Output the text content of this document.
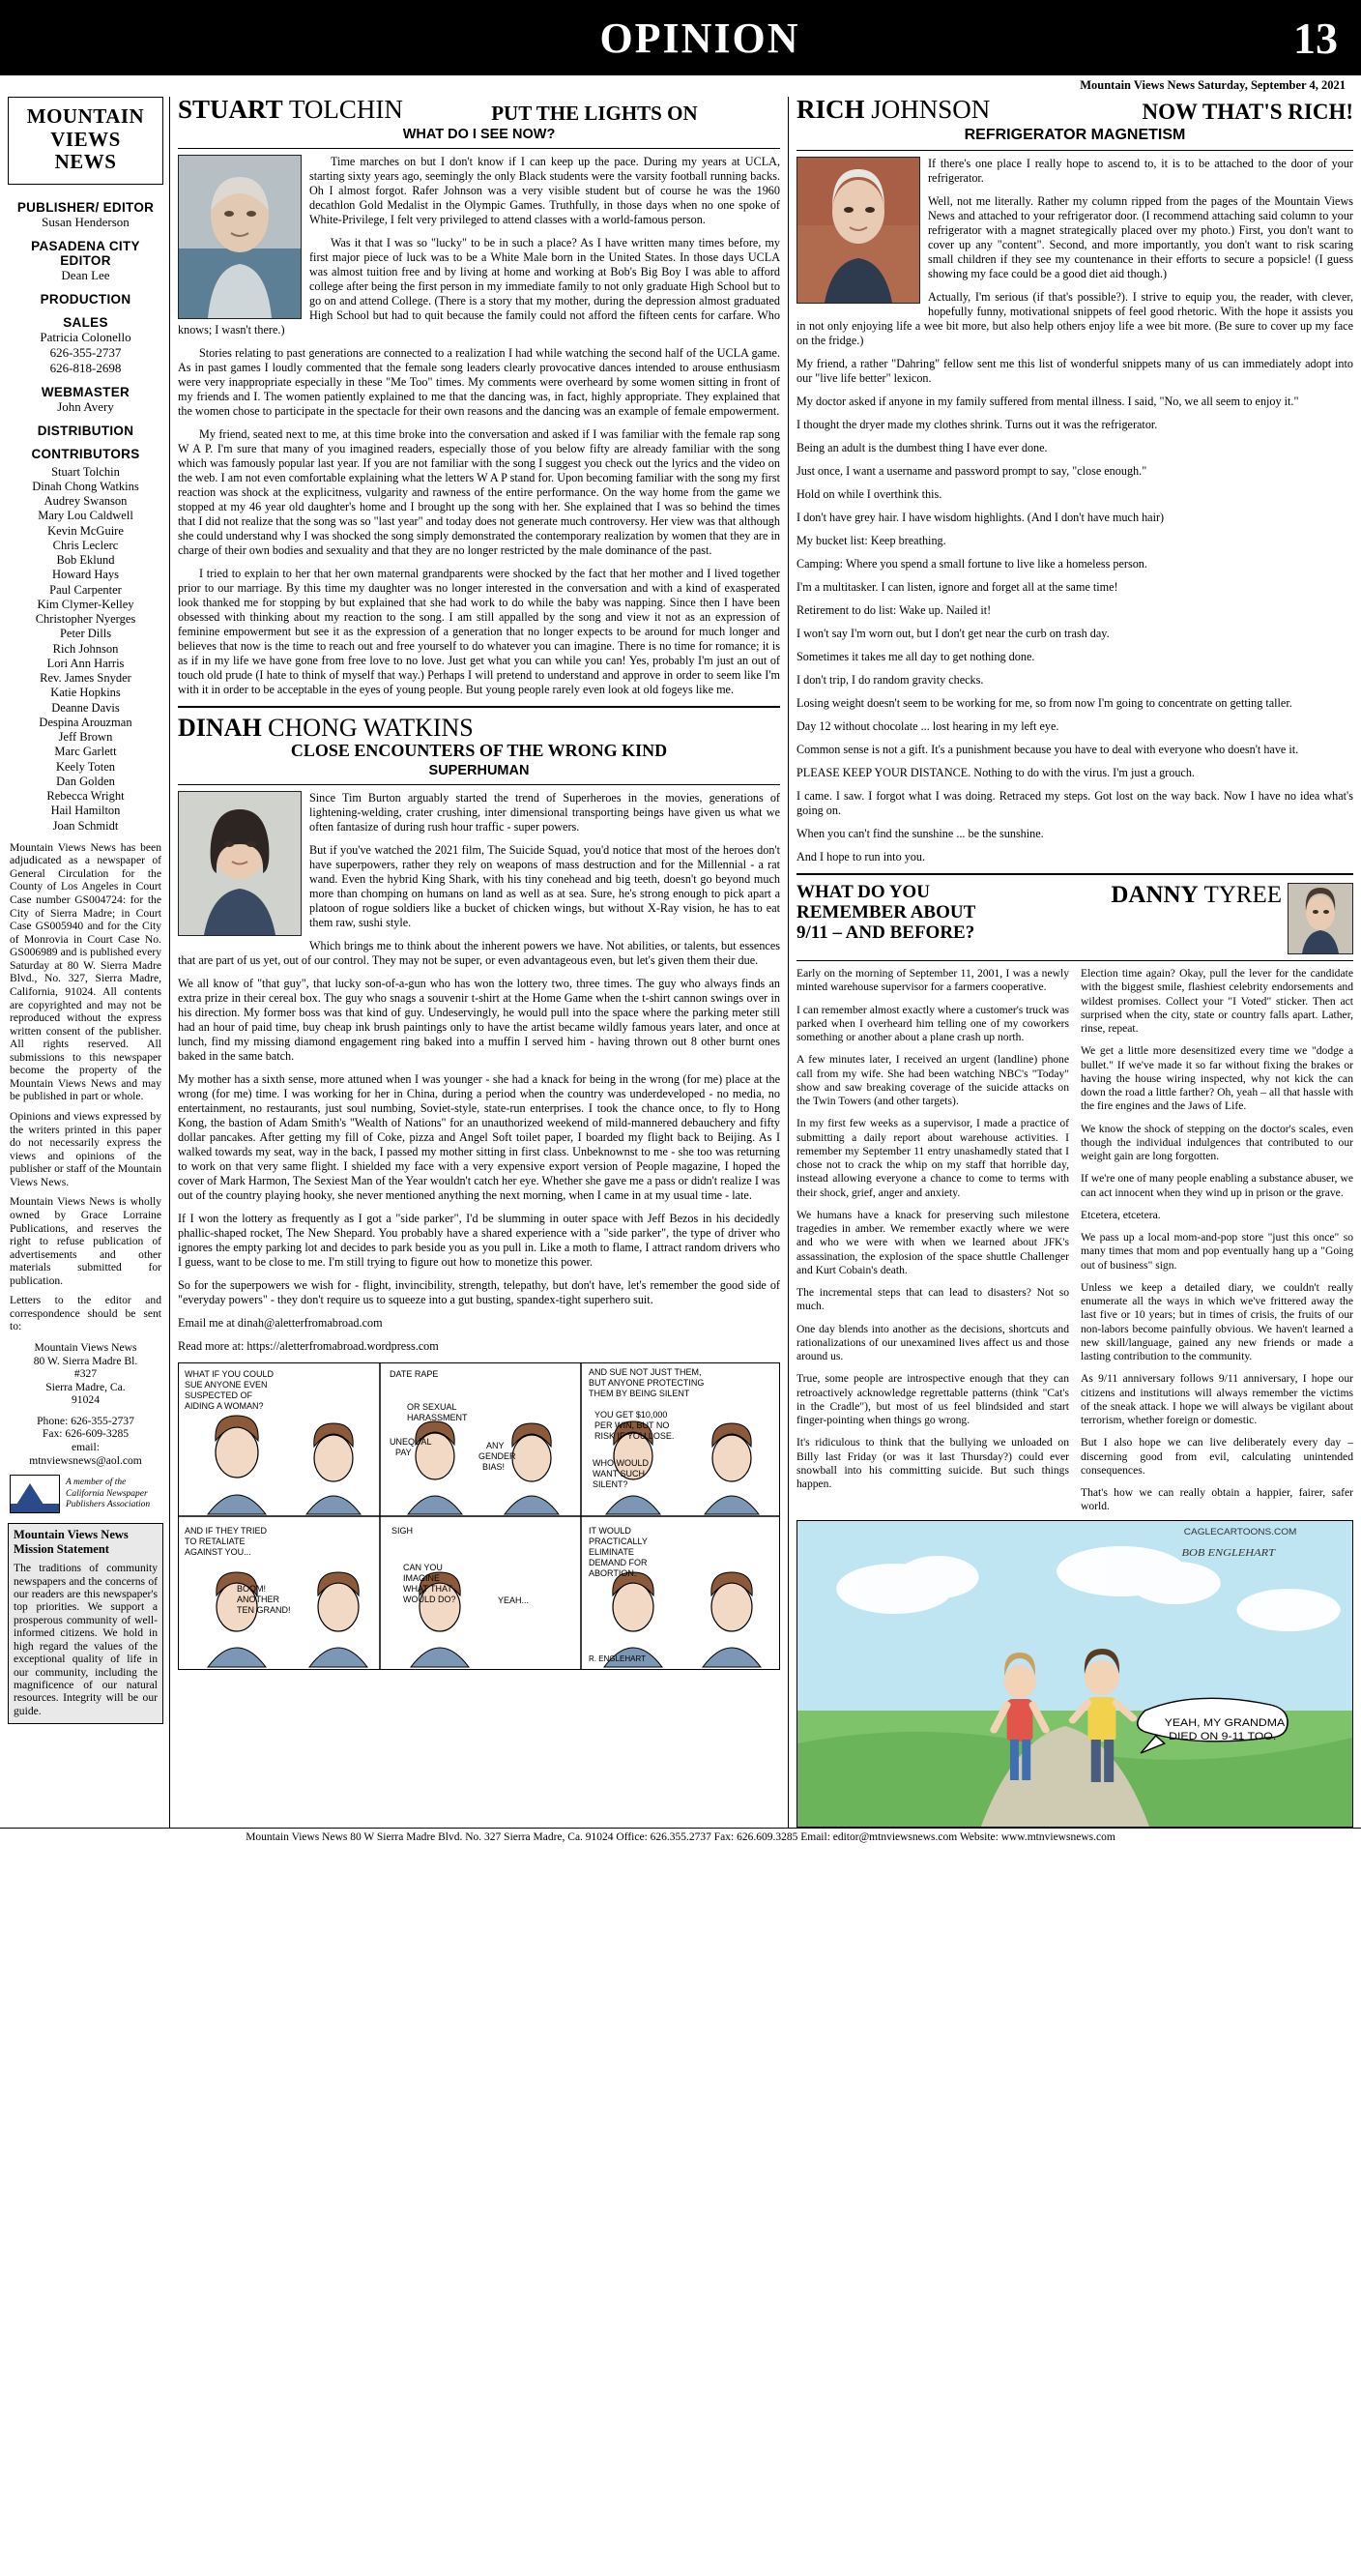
OPINION	13
Mountain Views News Saturday, September 4, 2021
MOUNTAIN
VIEWS
NEWS
PUBLISHER/ EDITOR
Susan Henderson
PASADENA CITY
EDITOR
Dean Lee
PRODUCTION
SALES
Patricia Colonello
626-355-2737
626-818-2698
WEBMASTER
John Avery
DISTRIBUTION
CONTRIBUTORS
Stuart Tolchin
Dinah Chong Watkins
Audrey Swanson
Mary Lou Caldwell
Kevin McGuire
Chris Leclerc
Bob Eklund
Howard Hays
Paul Carpenter
Kim Clymer-Kelley
Christopher Nyerges
Peter Dills
Rich Johnson
Lori Ann Harris
Rev. James Snyder
Katie Hopkins
Deanne Davis
Despina Arouzman
Jeff Brown
Marc Garlett
Keely Toten
Dan Golden
Rebecca Wright
Hail Hamilton
Joan Schmidt

Mountain Views News has been adjudicated as a newspaper of General Circulation for the County of Los Angeles in Court Case number GS004724: for the City of Sierra Madre; in Court Case GS005940 and for the City of Monrovia in Court Case No. GS006989 and is published every Saturday at 80 W. Sierra Madre Blvd., No. 327, Sierra Madre, California, 91024. All contents are copyrighted and may not be reproduced without the express written consent of the publisher. All rights reserved. All submissions to this newspaper become the property of the Mountain Views News and may be published in part or whole.

Opinions and views expressed by the writers printed in this paper do not necessarily express the views and opinions of the publisher or staff of the Mountain Views News.

Mountain Views News is wholly owned by Grace Lorraine Publications, and reserves the right to refuse publication of advertisements and other materials submitted for publication.

Letters to the editor and correspondence should be sent to:

Mountain Views News
80 W. Sierra Madre Bl.
#327
Sierra Madre, Ca.
91024
Phone: 626-355-2737
Fax: 626-609-3285
email:
mtnviewsnews@aol.com
A member of the California Newspaper Publishers Association
Mountain Views News
Mission Statement
The traditions of community newspapers and the concerns of our readers are this newspaper's top priorities. We support a prosperous community of well-informed citizens. We hold in high regard the values of the exceptional quality of life in our community, including the magnificence of our natural resources. Integrity will be our guide.
STUART TOLCHIN	PUT THE LIGHTS ON
WHAT DO I SEE NOW?

Time marches on but I don't know if I can keep up the pace. During my years at UCLA, starting sixty years ago, seemingly the only Black students were the varsity football running backs. Oh I almost forgot. Rafer Johnson was a very visible student but of course he was the 1960 decathlon Gold Medalist in the Olympic Games. Truthfully, in those days when no one spoke of White-Privilege, I felt very privileged to attend classes with a world-famous person.

Was it that I was so "lucky" to be in such a place? As I have written many times before, my first major piece of luck was to be a White Male born in the United States. In those days UCLA was almost tuition free and by living at home and working at Bob's Big Boy I was able to afford college after being the first person in my immediate family to not only graduate High School but to go on and attend College. (There is a story that my mother, during the depression almost graduated High School but had to quit because the family could not afford the fifteen cents for carfare. Who knows; I wasn't there.)

Stories relating to past generations are connected to a realization I had while watching the second half of the UCLA game. As in past games I loudly commented that the female song leaders clearly provocative dances intended to arouse enthusiasm were very inappropriate especially in these "Me Too" times. My comments were overheard by some women sitting in front of my friends and I. The women patiently explained to me that the dancing was, in fact, highly appropriate. They explained that the women chose to participate in the spectacle for their own reasons and the dancing was an example of female empowerment.

My friend, seated next to me, at this time broke into the conversation and asked if I was familiar with the female rap song W A P. I'm sure that many of you imagined readers, especially those of you below fifty are already familiar with the song which was famously popular last year. If you are not familiar with the song I suggest you check out the lyrics and the video on the web. I am not even comfortable explaining what the letters W A P stand for. Upon becoming familiar with the song my first reaction was shock at the explicitness, vulgarity and rawness of the entire performance. On the way home from the game we stopped at my 46 year old daughter's home and I brought up the song with her. She explained that I was so behind the times that I did not realize that the song was so "last year" and today does not generate much controversy. Her view was that although she could understand why I was shocked the song simply demonstrated the contemporary realization by women that they are in charge of their own bodies and sexuality and that they are no longer restricted by the male dominance of the past.

I tried to explain to her that her own maternal grandparents were shocked by the fact that her mother and I lived together prior to our marriage. By this time my daughter was no longer interested in the conversation and with a kind of exasperated look thanked me for stopping by but explained that she had work to do while the baby was napping. Since then I have been obsessed with thinking about my reaction to the song. I am still appalled by the song and view it not as an expression of feminine empowerment but see it as the expression of a generation that no longer expects to be around for much longer and believes that now is the time to reach out and free yourself to do whatever you can imagine. There is no time for romance; it is as if in my life we have gone from free love to no love. Just get what you can while you can! Yes, probably I'm just an out of touch old prude (I hate to think of myself that way.) Perhaps I will pretend to understand and approve in order to seem like I'm with it in order to be acceptable in the eyes of young people. But young people rarely even look at old fogeys like me.

DINAH CHONG WATKINS
CLOSE ENCOUNTERS OF THE WRONG KIND
SUPERHUMAN

Since Tim Burton arguably started the trend of Superheroes in the movies, generations of lightening-welding, crater crushing, inter dimensional transporting beings have given us what we often fantasize of during rush hour traffic - super powers.

But if you've watched the 2021 film, The Suicide Squad, you'd notice that most of the heroes don't have superpowers, rather they rely on weapons of mass destruction and for the Millennial - a rat wand. Even the hybrid King Shark, with his tiny conehead and big teeth, doesn't go beyond much more than chomping on humans on land as well as at sea. Sure, he's strong enough to pick apart a platoon of rogue soldiers like a bucket of chicken wings, but without X-Ray vision, he has to eat them raw, sushi style.

Which brings me to think about the inherent powers we have. Not abilities, or talents, but essences that are part of us yet, out of our control. They may not be super, or even advantageous even, but let's given them their due.

We all know of "that guy", that lucky son-of-a-gun who has won the lottery two, three times. The guy who always finds an extra prize in their cereal box. The guy who snags a souvenir t-shirt at the Home Game when the t-shirt cannon swings over in his direction. My former boss was that kind of guy. Undeservingly, he would pull into the space where the parking meter still had an hour of paid time, buy cheap ink brush paintings only to have the artist became wildly famous years later, and once at lunch, find my missing diamond engagement ring baked into a muffin I served him - having thrown out 8 other burnt ones baked in the same batch.

My mother has a sixth sense, more attuned when I was younger - she had a knack for being in the wrong (for me) place at the wrong (for me) time. I was working for her in China, during a period when the country was underdeveloped - no media, no entertainment, no restaurants, just soul numbing, Soviet-style, state-run enterprises. I took the chance once, to fly to Hong Kong, the bastion of Adam Smith's "Wealth of Nations" for an unauthorized weekend of mild-mannered debauchery and fifty dollar pancakes. After getting my fill of Coke, pizza and Angel Soft toilet paper, I boarded my flight back to Beijing. As I walked towards my seat, way in the back, I passed my mother sitting in first class. Unbeknownst to me - she too was returning to work on that very same flight. I shielded my face with a very expensive export version of People magazine, I hoped the cover of Mark Harmon, The Sexiest Man of the Year wouldn't catch her eye. Whether she gave me a pass or didn't realize I was out of the country playing hooky, she never mentioned anything the next morning, when I came in at my usual time - late.

If I won the lottery as frequently as I got a "side parker", I'd be slumming in outer space with Jeff Bezos in his decidedly phallic-shaped rocket, The New Shepard. You probably have a shared experience with a "side parker", the type of driver who ignores the empty parking lot and decides to park beside you as you pull in. Like a moth to flame, I attract random drivers who I guess, want to be close to me. I'm still trying to figure out how to monetize this power.

So for the superpowers we wish for - flight, invincibility, strength, telepathy, but don't have, let's remember the good side of "everyday powers" - they don't require us to squeeze into a gut busting, spandex-tight superhero suit.

Email me at dinah@aletterfromabroad.com

Read more at: https://aletterfromabroad.wordpress.com

WHAT IF YOU COULD
SUE ANYONE EVEN
SUSPECTED OF
AIDING A WOMAN?
DATE RAPE
OR SEXUAL
HARASSMENT
UNEQUAL
PAY
ANY
GENDER
BIAS!
AND SUE NOT JUST THEM,
BUT ANYONE PROTECTING
THEM BY BEING SILENT
YOU GET $10,000
PER WIN, BUT NO
RISK IF YOU LOSE.
WHO WOULD
WANT SUCH
SILENT?
AND IF THEY TRIED
TO RETALIATE
AGAINST YOU...
BOOM!
ANOTHER
TEN GRAND!
SIGH
CAN YOU
IMAGINE
WHAT THAT
WOULD DO?	YEAH...
IT WOULD
PRACTICALLY
ELIMINATE
DEMAND FOR
ABORTION.
R. ENGLEHART
RICH JOHNSON	NOW THAT'S RICH!
REFRIGERATOR MAGNETISM

If there's one place I really hope to ascend to, it is to be attached to the door of your refrigerator.

Well, not me literally. Rather my column ripped from the pages of the Mountain Views News and attached to your refrigerator door. (I recommend attaching said column to your refrigerator with a magnet strategically placed over my photo.) First, you don't want to cover up any "content". Second, and more importantly, you don't want to risk scaring small children if they see my countenance in their efforts to secure a popsicle! (I guess showing my face could be a good diet aid though.)

Actually, I'm serious (if that's possible?). I strive to equip you, the reader, with clever, hopefully funny, motivational snippets of feel good rhetoric. With the hope it assists you in not only enjoying life a wee bit more, but also help others enjoy life a wee bit more. (Be sure to cover up my face on the fridge.)

My friend, a rather "Dahring" fellow sent me this list of wonderful snippets many of us can immediately adopt into our "live life better" lexicon.

My doctor asked if anyone in my family suffered from mental illness. I said, "No, we all seem to enjoy it."

I thought the dryer made my clothes shrink. Turns out it was the refrigerator.

Being an adult is the dumbest thing I have ever done.

Just once, I want a username and password prompt to say, "close enough."

Hold on while I overthink this.

I don't have grey hair. I have wisdom highlights. (And I don't have much hair)

My bucket list: Keep breathing.

Camping: Where you spend a small fortune to live like a homeless person.

I'm a multitasker. I can listen, ignore and forget all at the same time!

Retirement to do list: Wake up. Nailed it!

I won't say I'm worn out, but I don't get near the curb on trash day.

Sometimes it takes me all day to get nothing done.

I don't trip, I do random gravity checks.

Losing weight doesn't seem to be working for me, so from now I'm going to concentrate on getting taller.

Day 12 without chocolate ... lost hearing in my left eye.

Common sense is not a gift. It's a punishment because you have to deal with everyone who doesn't have it.

PLEASE KEEP YOUR DISTANCE. Nothing to do with the virus. I'm just a grouch.

I came. I saw. I forgot what I was doing. Retraced my steps. Got lost on the way back. Now I have no idea what's going on.

When you can't find the sunshine ... be the sunshine.

And I hope to run into you.

WHAT DO YOU
REMEMBER ABOUT
9/11 – AND BEFORE?
DANNY TYREE

Early on the morning of September 11, 2001, I was a newly minted warehouse supervisor for a farmers cooperative.

I can remember almost exactly where a customer's truck was parked when I overheard him telling one of my coworkers something or another about a plane crash up north.

A few minutes later, I received an urgent (landline) phone call from my wife. She had been watching NBC's "Today" show and saw breaking coverage of the suicide attacks on the Twin Towers (and other targets).

In my first few weeks as a supervisor, I made a practice of submitting a daily report about warehouse activities. I remember my September 11 entry unashamedly stated that I chose not to crack the whip on my staff that horrible day, instead allowing everyone a chance to come to terms with their shock, grief, anger and anxiety.

We humans have a knack for preserving such milestone tragedies in amber. We remember exactly where we were and who we were with when we learned about JFK's assassination, the explosion of the space shuttle Challenger and Kurt Cobain's death.

The incremental steps that can lead to disasters? Not so much.

One day blends into another as the decisions, shortcuts and rationalizations of our unexamined lives affect us and those around us.

True, some people are introspective enough that they can retroactively acknowledge regrettable patterns (think "Cat's in the Cradle"), but most of us feel blindsided and start finger-pointing when things go wrong.

It's ridiculous to think that the bullying we unloaded on Billy last Friday (or was it last Thursday?) could ever snowball into his committing suicide. But such things happen.

Election time again? Okay, pull the lever for the candidate with the biggest smile, flashiest celebrity endorsements and wildest promises. Collect your "I Voted" sticker. Then act surprised when the city, state or country falls apart. Lather, rinse, repeat.

We get a little more desensitized every time we "dodge a bullet." If we've made it so far without fixing the brakes or having the house wiring inspected, why not kick the can down the road a little farther? Oh, yeah – all that hassle with the fire engines and the Jaws of Life.

We know the shock of stepping on the doctor's scales, even though the individual indulgences that contributed to our weight gain are long forgotten.

If we're one of many people enabling a substance abuser, we can act innocent when they wind up in prison or the grave.

Etcetera, etcetera.

We pass up a local mom-and-pop store "just this once" so many times that mom and pop eventually hang up a "Going out of business" sign.

Unless we keep a detailed diary, we couldn't really enumerate all the ways in which we've frittered away the last five or 10 years; but in times of crisis, the fruits of our non-labors become painfully obvious. We haven't learned a new skill/language, gained any new friends or made a lasting contribution to the community.

As 9/11 anniversary follows 9/11 anniversary, I hope our citizens and institutions will always remember the victims of the sneak attack. I hope we will always be vigilant about terrorism, whether foreign or domestic.

But I also hope we can live deliberately every day – discerning good from evil, calculating unintended consequences.

That's how we can really obtain a happier, fairer, safer world.

YEAH, MY GRANDMA
DIED ON 9-11 TOO.
CAGLECARTOONS.COM
BOB ENGLEHART
Mountain Views News 80 W Sierra Madre Blvd. No. 327 Sierra Madre, Ca. 91024 Office: 626.355.2737 Fax: 626.609.3285 Email: editor@mtnviewsnews.com Website: www.mtnviewsnews.com
